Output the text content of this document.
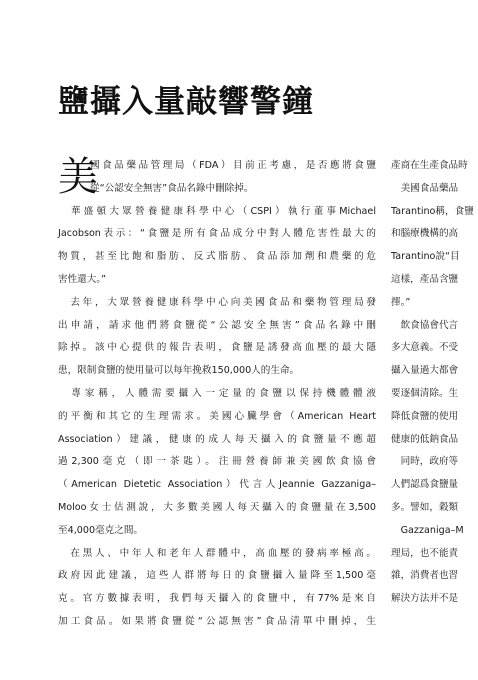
鹽攝入量敲響警鐘
美

國食品藥品管理局（FDA）目前正考慮，是否應將食鹽

從“公認安全無害”食品名錄中刪除掉。

　華盛頓大眾營養健康科學中心（CSPI）執行董事Michael

Jacobson表示：“食鹽是所有食品成分中對人體危害性最大的

物質，甚至比飽和脂肪、反式脂肪、食品添加劑和農藥的危

害性還大。”

　去年，大眾營養健康科學中心向美國食品和藥物管理局發

出申請，請求他們將食鹽從“公認安全無害”食品名錄中刪

除掉。該中心提供的報告表明，食鹽是誘發高血壓的最大隱

患，限制食鹽的使用量可以每年挽救150,000人的生命。

　專家稱，人體需要攝入一定量的食鹽以保持機體體液

的平衡和其它的生理需求。美國心臟學會（American Heart

Association）建議，健康的成人每天攝入的食鹽量不應超

過2,300毫克（即一茶匙）。注冊營養師兼美國飲食協會

（American Dietetic Association）代言人Jeannie Gazzaniga–

Moloo女士估測說，大多數美國人每天攝入的食鹽量在3,500

至4,000毫克之間。

　在黑人、中年人和老年人群體中，高血壓的發病率極高。

政府因此建議，這些人群將每日的食鹽攝入量降至1,500毫

克。官方數據表明，我們每天攝入的食鹽中，有77%是來自

加工食品。如果將食鹽從“公認無害”食品清單中刪掉，生

產商在生產食品時

　美國食品藥品

Tarantino稱，食鹽

和腦療機構的高

Tarantino說“目

這樣，產品含鹽

擇。”

　飲食協會代言

多大意義。不受

攝入量過大都會

要逐個清除。生

降低食鹽的使用

健康的低鈉食品

　同時，政府等

人們認爲食鹽量

多。譬如，穀類

　Gazzaniga–M

理局，也不能責

雜，消費者也習

解決方法并不是
